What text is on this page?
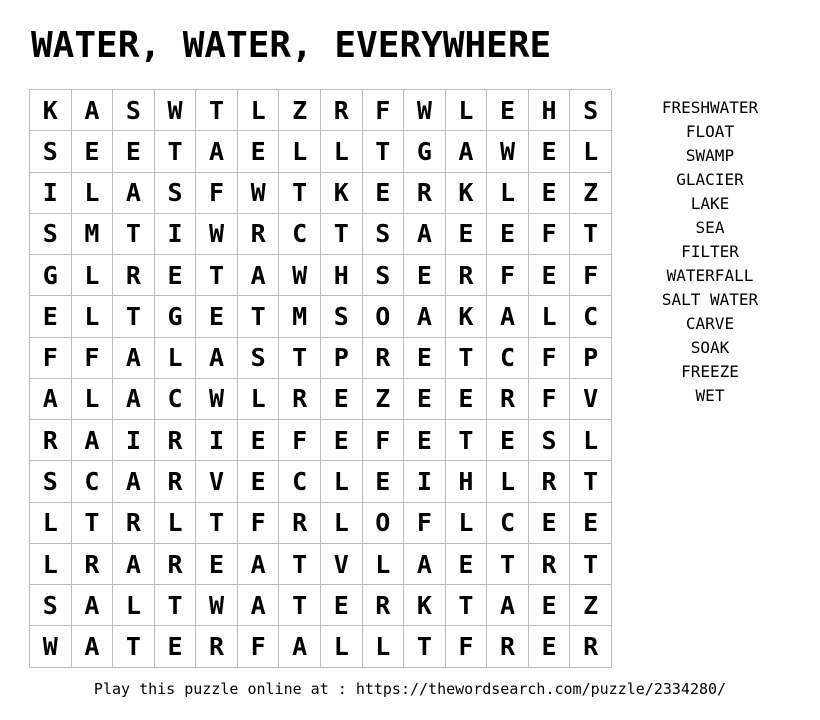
WATER, WATER, EVERYWHERE
K	A	S	W	T	L	Z	R	F	W	L	E	H	S
S	E	E	T	A	E	L	L	T	G	A	W	E	L
I	L	A	S	F	W	T	K	E	R	K	L	E	Z
S	M	T	I	W	R	C	T	S	A	E	E	F	T
G	L	R	E	T	A	W	H	S	E	R	F	E	F
E	L	T	G	E	T	M	S	O	A	K	A	L	C
F	F	A	L	A	S	T	P	R	E	T	C	F	P
A	L	A	C	W	L	R	E	Z	E	E	R	F	V
R	A	I	R	I	E	F	E	F	E	T	E	S	L
S	C	A	R	V	E	C	L	E	I	H	L	R	T
L	T	R	L	T	F	R	L	O	F	L	C	E	E
L	R	A	R	E	A	T	V	L	A	E	T	R	T
S	A	L	T	W	A	T	E	R	K	T	A	E	Z
W	A	T	E	R	F	A	L	L	T	F	R	E	R
FRESHWATER
FLOAT
SWAMP
GLACIER
LAKE
SEA
FILTER
WATERFALL
SALT WATER
CARVE
SOAK
FREEZE
WET
Play this puzzle online at : https://thewordsearch.com/puzzle/2334280/
